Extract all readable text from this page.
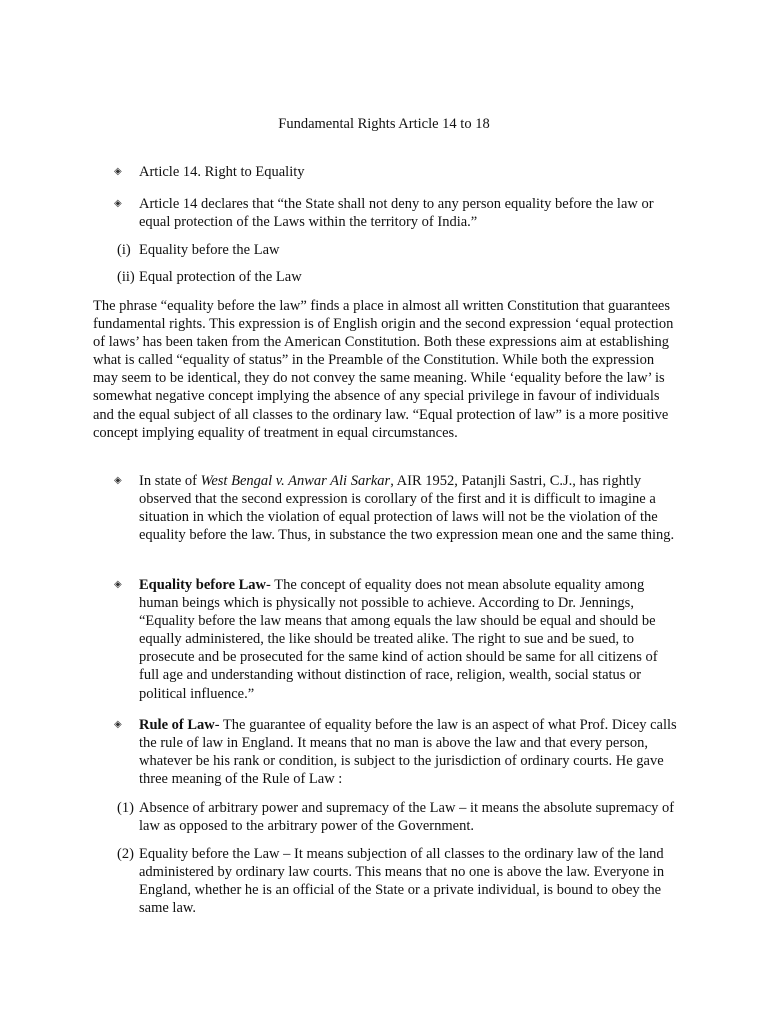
Fundamental Rights Article 14 to 18
◈	Article 14. Right to Equality
◈	Article 14 declares that “the State shall not deny to any person equality before the law or equal protection of the Laws within the territory of India.”
(i) Equality before the Law
(ii) Equal protection of the Law
The phrase “equality before the law” finds a place in almost all written Constitution that guarantees fundamental rights. This expression is of English origin and the second expression ‘equal protection of laws’ has been taken from the American Constitution. Both these expressions aim at establishing what is called “equality of status” in the Preamble of the Constitution. While both the expression may seem to be identical, they do not convey the same meaning. While ‘equality before the law’ is somewhat negative concept implying the absence of any special privilege in favour of individuals and the equal subject of all classes to the ordinary law. “Equal protection of law” is a more positive concept implying equality of treatment in equal circumstances.
◈	In state of West Bengal v. Anwar Ali Sarkar, AIR 1952, Patanjli Sastri, C.J., has rightly observed that the second expression is corollary of the first and it is difficult to imagine a situation in which the violation of equal protection of laws will not be the violation of the equality before the law. Thus, in substance the two expression mean one and the same thing.
◈	Equality before Law- The concept of equality does not mean absolute equality among human beings which is physically not possible to achieve. According to Dr. Jennings, “Equality before the law means that among equals the law should be equal and should be equally administered, the like should be treated alike. The right to sue and be sued, to prosecute and be prosecuted for the same kind of action should be same for all citizens of full age and understanding without distinction of race, religion, wealth, social status or political influence.”
◈	Rule of Law- The guarantee of equality before the law is an aspect of what Prof. Dicey calls the rule of law in England. It means that no man is above the law and that every person, whatever be his rank or condition, is subject to the jurisdiction of ordinary courts. He gave three meaning of the Rule of Law :
(1) Absence of arbitrary power and supremacy of the Law – it means the absolute supremacy of law as opposed to the arbitrary power of the Government.
(2) Equality before the Law – It means subjection of all classes to the ordinary law of the land administered by ordinary law courts. This means that no one is above the law. Everyone in England, whether he is an official of the State or a private individual, is bound to obey the same law.
